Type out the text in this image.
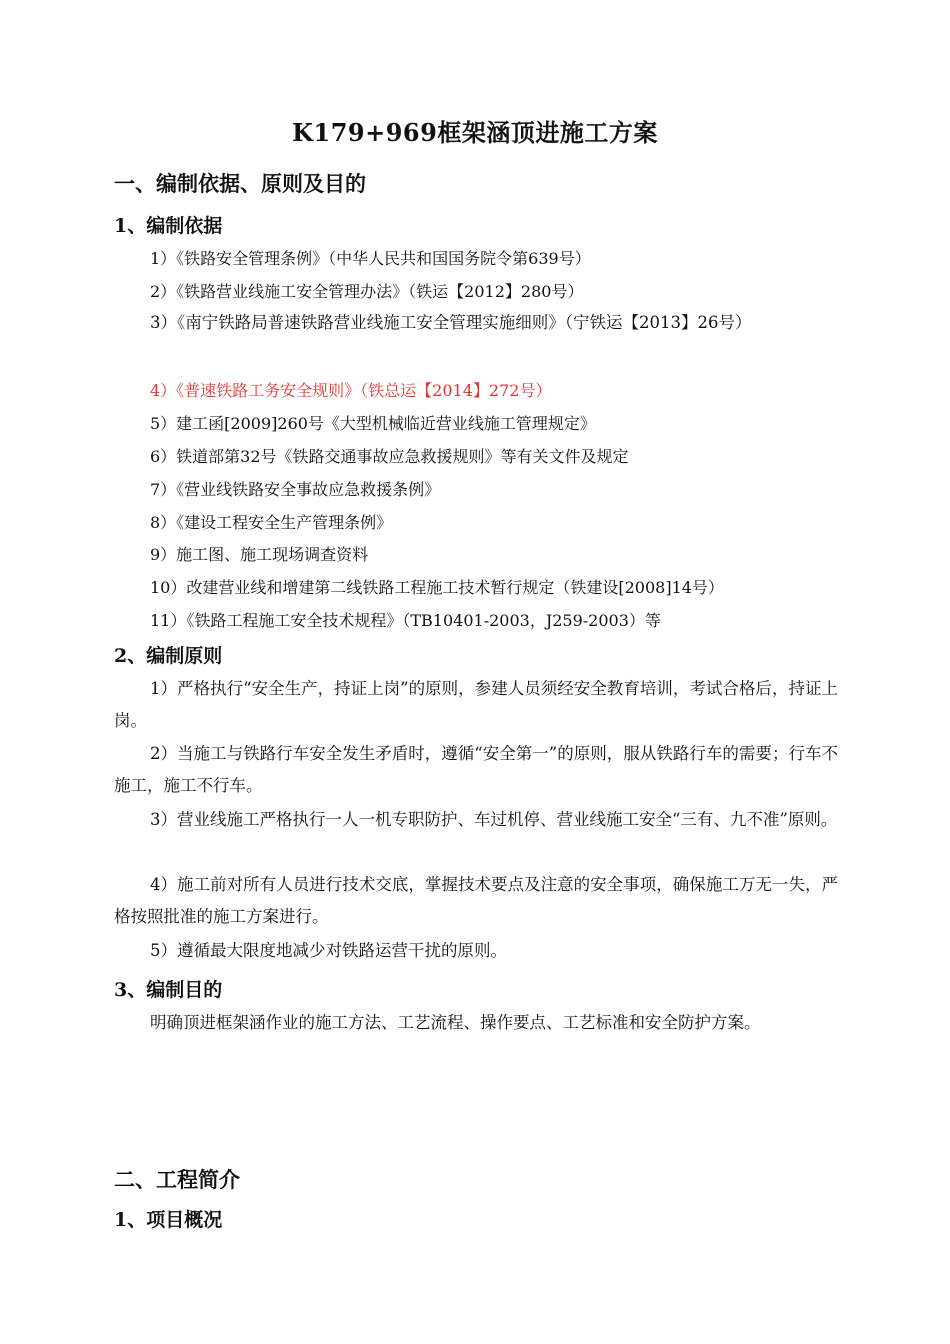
K179+969框架涵顶进施工方案
一、编制依据、原则及目的
1、编制依据
1）《铁路安全管理条例》（中华人民共和国国务院令第639号）
2）《铁路营业线施工安全管理办法》（铁运【2012】280号）
3）《南宁铁路局普速铁路营业线施工安全管理实施细则》（宁铁运【2013】26号）
4）《普速铁路工务安全规则》（铁总运【2014】272号）
5）建工函[2009]260号《大型机械临近营业线施工管理规定》
6）铁道部第32号《铁路交通事故应急救援规则》等有关文件及规定
7）《营业线铁路安全事故应急救援条例》
8）《建设工程安全生产管理条例》
9）施工图、施工现场调查资料
10）改建营业线和增建第二线铁路工程施工技术暂行规定（铁建设[2008]14号）
11）《铁路工程施工安全技术规程》（TB10401-2003，J259-2003）等
2、编制原则
1）严格执行“安全生产，持证上岗”的原则，参建人员须经安全教育培训，考试合格后，持证上岗。
2）当施工与铁路行车安全发生矛盾时，遵循“安全第一”的原则，服从铁路行车的需要；行车不施工，施工不行车。
3）营业线施工严格执行一人一机专职防护、车过机停、营业线施工安全“三有、九不准”原则。
4）施工前对所有人员进行技术交底，掌握技术要点及注意的安全事项，确保施工万无一失，严格按照批准的施工方案进行。
5）遵循最大限度地减少对铁路运营干扰的原则。
3、编制目的
明确顶进框架涵作业的施工方法、工艺流程、操作要点、工艺标准和安全防护方案。
二、工程简介
1、项目概况
